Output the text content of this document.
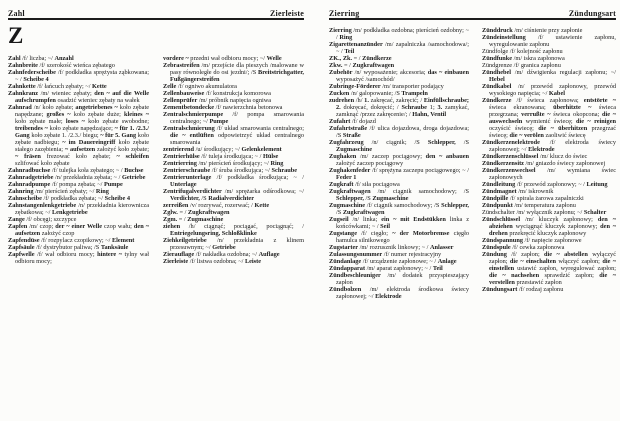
Zahl	Zierleiste	Zierring	Zündungsart
Z

Zahl /f/ liczba; ~/ Anzahl

Zahnbreite /f/ szerokość wieńca zębatego

Zahnfederscheibe /f/ podkładka sprężysta ząbkowana; ~ / Scheibe 4

Zahnkette /f/ łańcuch zębaty; ~/ Kette

Zahnkranz /m/ wieniec zębaty; den ~ auf die Welle aufschrumpfen osadzić wieniec zębaty na wałek

Zahnrad /n/ koło zębate; angetriebenes ~ koło zębate napędzane; großes ~ koło zębate duże; kleines ~ koło zębate małe; loses ~ koło zębate swobodne; treibendes ~ koło zębate napędzające; ~ für 1. /2.3./ Gang koło zębate 1. /2.3./ biegu; ~ für 5. Gang koło zębate nadbiegu; ~ im Dauereingriff koło zębate stałego zazębienia; ~ aufsetzen założyć koło zębate; ~ fräsen frezować koło zębate; ~ schleifen szlifować koło zębate

Zahnradbuchse /f/ tulejka koła zębatego; ~ / Buchse

Zahnradgetriebe /n/ przekładnia zębata; ~ / Getriebe

Zahnradpumpe /f/ pompa zębata; ~/ Pumpe

Zahnring /m/ pierścień zębaty; ~/ Ring

Zahnscheibe /f/ podkładka zębata; ~/ Scheibe 4

Zahnstangenlenkgetriebe /n/ przekładnia kierownicza zębatkowa; ~/ Lenkgetriebe

Zange /f/ obcęgi; szczypce

Zapfen /m/ czop; der ~ einer Welle czop wału; den ~ aufsetzen założyć czop

Zapfendüse /f/ rozpylacz czopikowy; ~/ Element

Zapfsäule /f/ dystrybutor paliwa; /S Tanksäule

Zapfwelle /f/ wał odbioru mocy; hintere ~ tylny wał odbioru mocy;

vordere ~ przedni wał odbioru mocy; ~/ Welle

Zebrastreifen /m/ przejście dla pieszych /malowane w pasy równoległe do osi jezdni/; /S Breitstrichgatter, Fußgängerstreifen

Zelle /f/ ogniwo akumulatora

Zellenbauweise /f/ konstrukcja komorowa

Zellenprüfer /m/ próbnik napięcia ogniwa

Zementbetondecke /f/ nawierzchnia betonowa

Zentralschmierpumpe /f/ pompa smarowania centralnego; ~/ Pumpe

Zentralschmierung /f/ układ smarowania centralnego; die ~ entlüften odpowietrzyć układ centralnego smarowania

zentrierend /u/ środkujący; ~/ Gelenkelement

Zentrierhülse /f/ tuleja środkująca; ~ / Hülse

Zentrierring /m/ pierścień środkujący; ~/ Ring

Zentrierschraube /f/ śruba środkująca; ~/ Schraube

Zentrierunterlage /f/ podkładka środkująca; ~ / Unterlage

Zentrifugalverdichter /m/ sprężarka odśrodkowa; ~/ Verdichter, /S Radialverdichter

zerreißen /v/ rozrywać, rozerwać; / Kette

Zglw. = / Zugkraftwagen

Zgm. = / Zugmaschine

ziehen /h/ ciągnąć; pociągać, pociągnąć; / Entriegelungsring, Schloßklinke

Ziehkeilgetriebe /n/ przekładnia z klinem przesuwnym; ~/ Getriebe

Zierauflage /f/ nakładka ozdobna; ~/ Auflage

Zierleiste /f/ listwa ozdobna; ~/ Leiste

Zierring /m/ podkładka ozdobna; pierścień ozdobny; ~ / Ring

Zigarettenanzünder /m/ zapalniczka /samochodowa/; ~ / Teil

ZK., Zk. = / Zündkerze

Zkw. = / Zugkraftwagen

Zubehör /n/ wyposażenie; akcesoria; das ~ einbauen wyposażyć /samochód/

Zubringe-Förderer /m/ transporter podający

Zucken /n/ galopowanie; /S Trampeln

zudrehen /h/ 1. zakręcać, zakręcić; / Einfüllschraube; 2. dokręcać, dokręcić; / Schraube 1; 3. zamykać, zamknąć /przez zakręcenie/; / Hahn, Ventil

Zufahrt /f/ dojazd

Zufahrtstraße /f/ ulica dojazdowa, droga dojazdowa; /S Straße

Zugfahrzeug /n/ ciągnik; /S Schlepper, /S Zugmaschine

Zughaken /m/ zaczep pociągowy; den ~ anbauen założyć zaczep pociągowy

Zughakenfeder /f/ sprężyna zaczepu pociągowego; ~ / Feder 1

Zugkraft /f/ siła pociągowa

Zugkraftwagen /m/ ciągnik samochodowy; /S Schlepper, /S Zugmaschine

Zugmaschine /f/ ciągnik samochodowy; /S Schlepper, /S Zugkraftwagen

Zugseil /n/ linka; ein ~ mit Endstükken linka z końcówkami; ~ / Seil

Zugstange /f/ cięgło; ~ der Motorbremse cięgło hamulca silnikowego

Zugstarter /m/ rozrusznik linkowy; ~ / Anlasser

Zulassungsnummer /f/ numer rejestracyjny

Zündanlage /f/ urządzenie zapłonowe; ~ / Anlage

Zündapparat /m/ aparat zapłonowy; ~ / Teil

Zündbeschleuniger /m/ dodatek przyspieszający zapłon

Zündbolzen /m/ elektroda środkowa świecy zapłonowej; ~/ Elektrode

Zünddruck /m/ ciśnienie przy zapłonie

Zündeinstellung /f/ ustawienie zapłonu, wyregulowanie zapłonu

Zündfolge /f/ kolejność zapłonu

Zündfunke /m/ iskra zapłonowa

Zündgrenze /f/ granica zapłonu

Zündhebel /m/ dźwigienka regulacji zapłonu; ~/ Hebel

Zündkabel /n/ przewód zapłonowy, przewód wysokiego napięcia; ~/ Kabel

Zündkerze /f/ świeca zapłonowa; entstörte ~ świeca ekranowana; überhitzte ~ świeca przegrzana; verrußte ~ świeca okopcona; die ~ auswechseln wymienić świecę; die ~ reinigen oczyścić świecę; die ~ überhitzen przegrzać świecę; die ~ verölen zaoliwić świecę

Zündkerzenelektrode /f/ elektroda świecy zapłonowej; ~/ Elektrode

Zündkerzenschlüssel /m/ klucz do świec

Zündkerzensitz /m/ gniazdo świecy zapłonowej

Zündkerzenwechsel /m/ wymiana świec zapłonowych

Zündleitung /f/ przewód zapłonowy; ~ / Leitung

Zündmagnet /m/ iskrownik

Zündpille /f/ spirala żarowa zapalniczki

Zündpunkt /m/ temperatura zapłonu

Zündschalter /m/ wyłącznik zapłonu; ~/ Schalter

Zündschlüssel /m/ kluczyk zapłonowy; den ~ abziehen wyciągnąć kluczyk zapłonowy; den ~ drehen przekręcić kluczyk zapłonowy

Zündspannung /f/ napięcie zapłonowe

Zündspule /f/ cewka zapłonowa

Zündung /f/ zapłon; die ~ abstellen wyłączyć zapłon; die ~ einschalten włączyć zapłon; die ~ einstellen ustawić zapłon, wyregulować zapłon; die ~ nachsehen sprawdzić zapłon; die ~ verstellen przestawić zapłon

Zündungsart /f/ rodzaj zapłonu
